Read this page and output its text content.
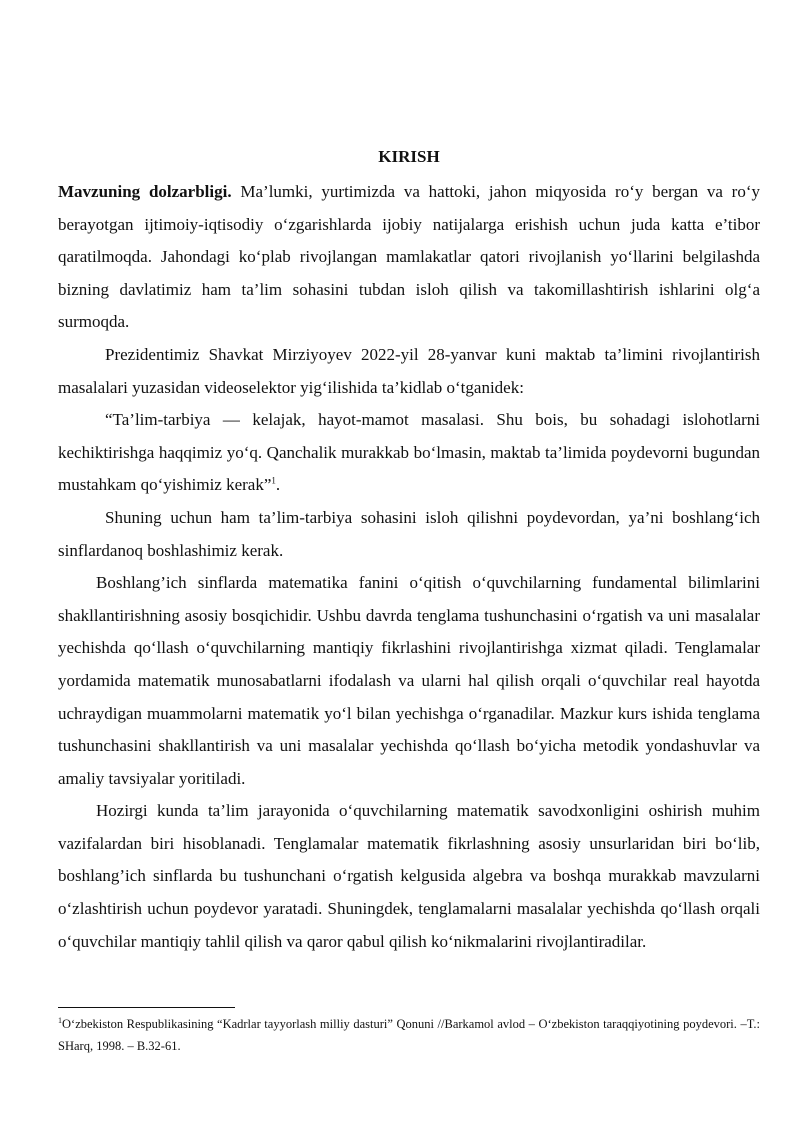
KIRISH

Mavzuning dolzarbligi. Ma’lumki, yurtimizda va hattoki, jahon miqyosida ro‘y bergan va ro‘y berayotgan ijtimoiy-iqtisodiy o‘zgarishlarda ijobiy natijalarga erishish uchun juda katta e’tibor qaratilmoqda. Jahondagi ko‘plab rivojlangan mamlakatlar qatori rivojlanish yo‘llarini belgilashda bizning davlatimiz ham ta’lim sohasini tubdan isloh qilish va takomillashtirish ishlarini olg‘a surmoqda.

Prezidentimiz Shavkat Mirziyoyev 2022-yil 28-yanvar kuni maktab ta’limini rivojlantirish masalalari yuzasidan videoselektor yig‘ilishida ta’kidlab o‘tganidek:

“Ta’lim-tarbiya — kelajak, hayot-mamot masalasi. Shu bois, bu sohadagi islohotlarni kechiktirishga haqqimiz yo‘q. Qanchalik murakkab bo‘lmasin, maktab ta’limida poydevorni bugundan mustahkam qo‘yishimiz kerak”$^1$.

Shuning uchun ham ta’lim-tarbiya sohasini isloh qilishni poydevordan, ya’ni boshlang‘ich sinflardanoq boshlashimiz kerak.

Boshlang’ich sinflarda matematika fanini o‘qitish o‘quvchilarning fundamental bilimlarini shakllantirishning asosiy bosqichidir. Ushbu davrda tenglama tushunchasini o‘rgatish va uni masalalar yechishda qo‘llash o‘quvchilarning mantiqiy fikrlashini rivojlantirishga xizmat qiladi. Tenglamalar yordamida matematik munosabatlarni ifodalash va ularni hal qilish orqali o‘quvchilar real hayotda uchraydigan muammolarni matematik yo‘l bilan yechishga o‘rganadilar. Mazkur kurs ishida tenglama tushunchasini shakllantirish va uni masalalar yechishda qo‘llash bo‘yicha metodik yondashuvlar va amaliy tavsiyalar yoritiladi.

Hozirgi kunda ta’lim jarayonida o‘quvchilarning matematik savodxonligini oshirish muhim vazifalardan biri hisoblanadi. Tenglamalar matematik fikrlashning asosiy unsurlaridan biri bo‘lib, boshlang’ich sinflarda bu tushunchani o‘rgatish kelgusida algebra va boshqa murakkab mavzularni o‘zlashtirish uchun poydevor yaratadi. Shuningdek, tenglamalarni masalalar yechishda qo‘llash orqali o‘quvchilar mantiqiy tahlil qilish va qaror qabul qilish ko‘nikmalarini rivojlantiradilar.

$^1$O‘zbekiston Respublikasining “Kadrlar tayyorlash milliy dasturi” Qonuni //Barkamol avlod – O‘zbekiston taraqqiyotining poydevori. –T.: SHarq, 1998. – B.32-61.
